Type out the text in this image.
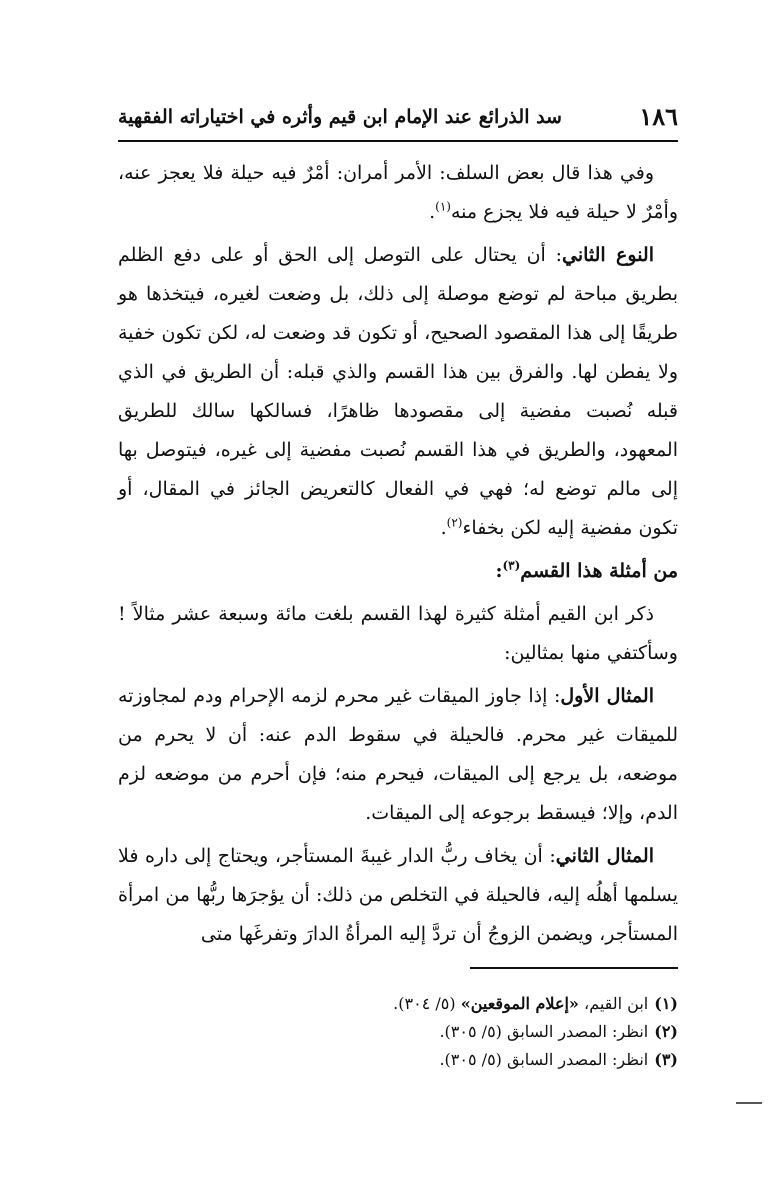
١٨٦
سد الذرائع عند الإمام ابن قيم وأثره في اختياراته الفقهية

وفي هذا قال بعض السلف: الأمر أمران: أمْرٌ فيه حيلة فلا يعجز عنه، وأمْرٌ لا حيلة فيه فلا يجزع منه$^{(١)}$.

النوع الثاني: أن يحتال على التوصل إلى الحق أو على دفع الظلم بطريق مباحة لم توضع موصلة إلى ذلك، بل وضعت لغيره، فيتخذها هو طريقًا إلى هذا المقصود الصحيح، أو تكون قد وضعت له، لكن تكون خفية ولا يفطن لها. والفرق بين هذا القسم والذي قبله: أن الطريق في الذي قبله نُصبت مفضية إلى مقصودها ظاهرًا، فسالكها سالك للطريق المعهود، والطريق في هذا القسم نُصبت مفضية إلى غيره، فيتوصل بها إلى مالم توضع له؛ فهي في الفعال كالتعريض الجائز في المقال، أو تكون مفضية إليه لكن بخفاء$^{(٢)}$.

من أمثلة هذا القسم$^{(٣)}$:

ذكر ابن القيم أمثلة كثيرة لهذا القسم بلغت مائة وسبعة عشر مثالاً ! وسأكتفي منها بمثالين:

المثال الأول: إذا جاوز الميقات غير محرم لزمه الإحرام ودم لمجاوزته للميقات غير محرم. فالحيلة في سقوط الدم عنه: أن لا يحرم من موضعه، بل يرجع إلى الميقات، فيحرم منه؛ فإن أحرم من موضعه لزم الدم، وإلا؛ فيسقط برجوعه إلى الميقات.

المثال الثاني: أن يخاف ربُّ الدار غيبةَ المستأجر، ويحتاج إلى داره فلا يسلمها أهلُه إليه، فالحيلة في التخلص من ذلك: أن يؤجرَها ربُّها من امرأة المستأجر، ويضمن الزوجُ أن تردَّ إليه المرأةُ الدارَ وتفرغَها متى

(١)ابن القيم، «إعلام الموقعين» (٥/ ٣٠٤).

(٢)انظر: المصدر السابق (٥/ ٣٠٥).

(٣)انظر: المصدر السابق (٥/ ٣٠٥).
